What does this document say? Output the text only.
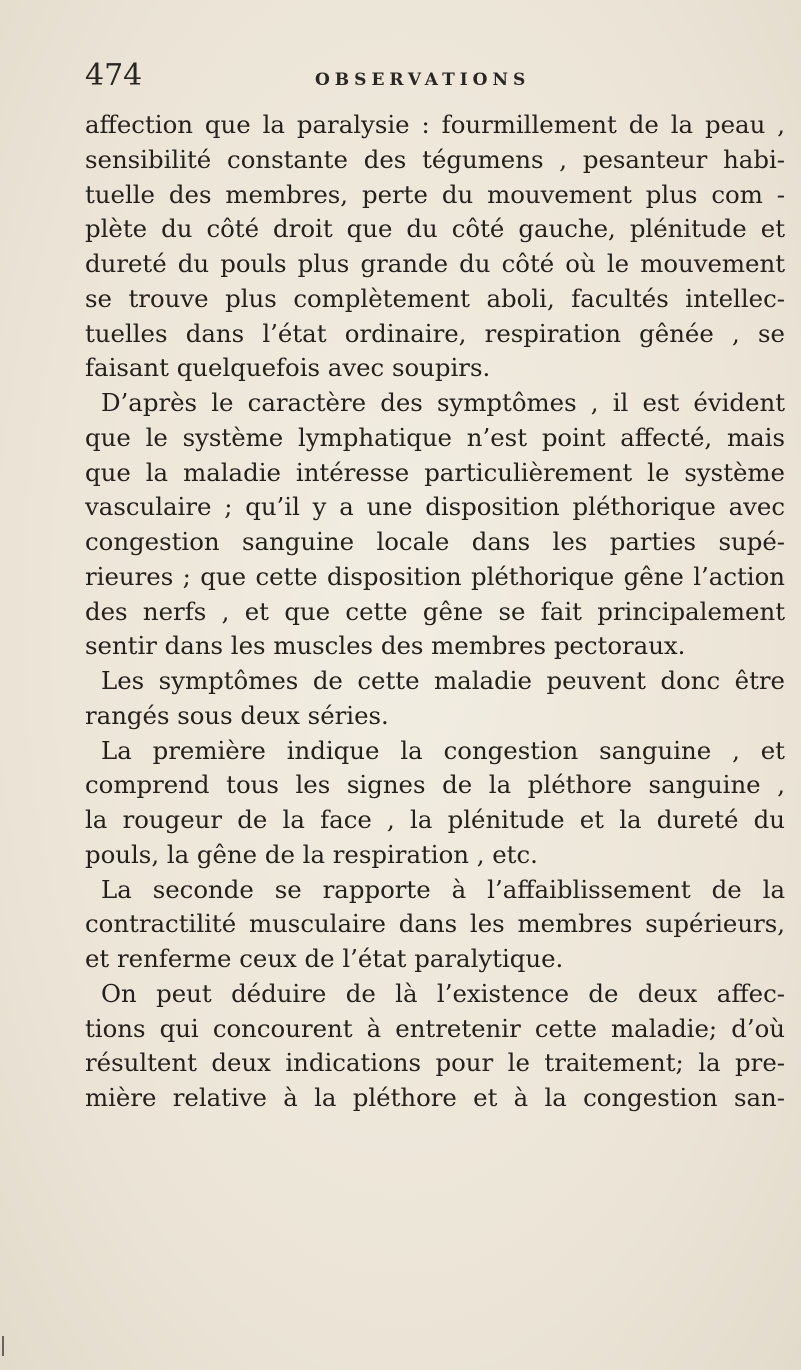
474	OBSERVATIONS
affection que la paralysie : fourmillement de la peau ,
sensibilité constante des tégumens , pesanteur habi-
tuelle des membres, perte du mouvement plus com -
plète du côté droit que du côté gauche, plénitude et
dureté du pouls plus grande du côté où le mouvement
se trouve plus complètement aboli, facultés intellec-
tuelles dans l’état ordinaire, respiration gênée , se
faisant quelquefois avec soupirs.
D’après le caractère des symptômes , il est évident
que le système lymphatique n’est point affecté, mais
que la maladie intéresse particulièrement le système
vasculaire ; qu’il y a une disposition pléthorique avec
congestion sanguine locale dans les parties supé-
rieures ; que cette disposition pléthorique gêne l’action
des nerfs , et que cette gêne se fait principalement
sentir dans les muscles des membres pectoraux.
Les symptômes de cette maladie peuvent donc être
rangés sous deux séries.
La première indique la congestion sanguine , et
comprend tous les signes de la pléthore sanguine ,
la rougeur de la face , la plénitude et la dureté du
pouls, la gêne de la respiration , etc.
La seconde se rapporte à l’affaiblissement de la
contractilité musculaire dans les membres supérieurs,
et renferme ceux de l’état paralytique.
On peut déduire de là l’existence de deux affec-
tions qui concourent à entretenir cette maladie; d’où
résultent deux indications pour le traitement; la pre-
mière relative à la pléthore et à la congestion san-
